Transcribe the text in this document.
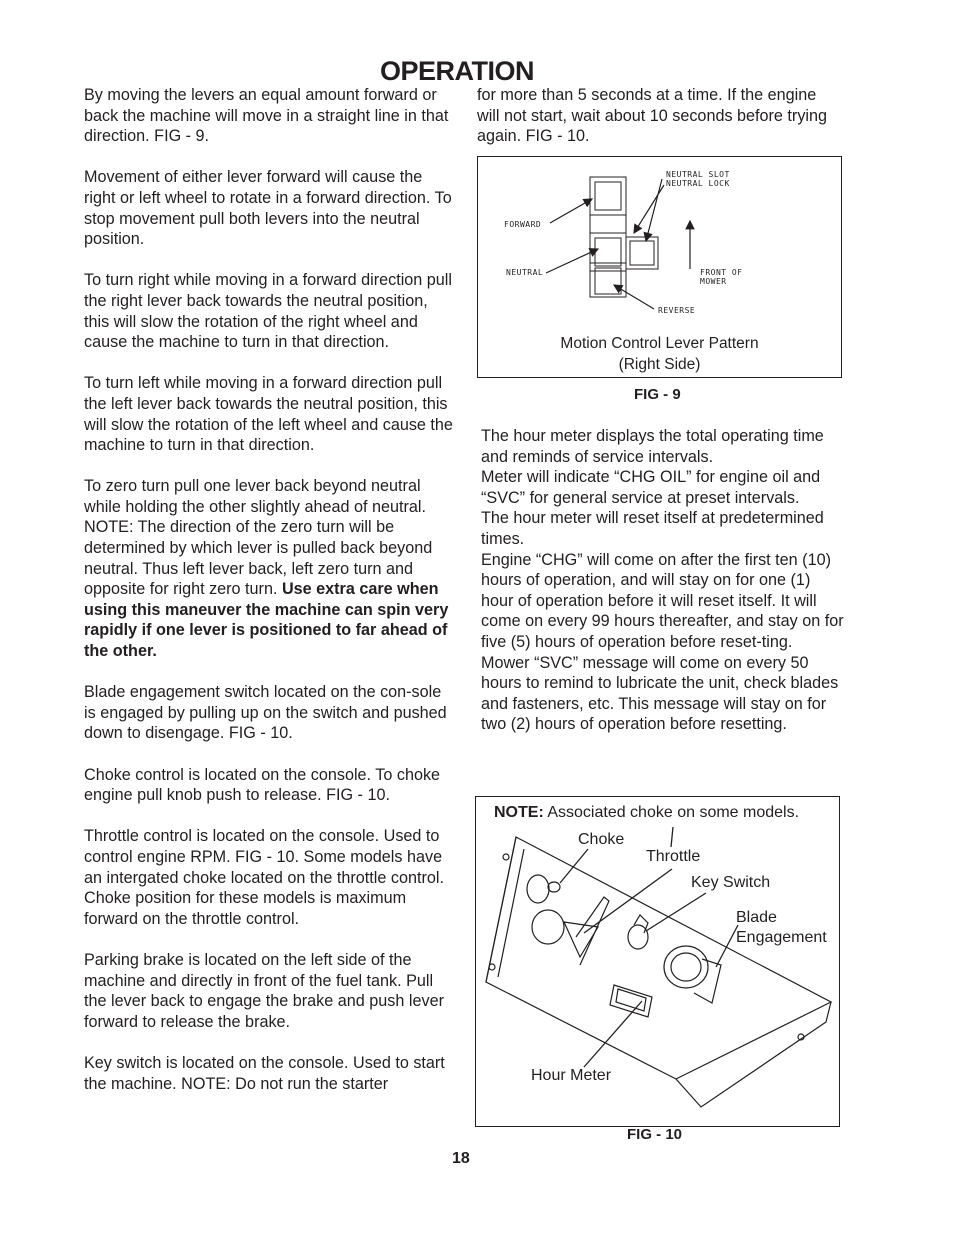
OPERATION

By moving the levers an equal amount forward or back the machine will move in a straight line in that direction. FIG - 9.

Movement of either lever forward will cause the right or left wheel to rotate in a forward direction. To stop movement pull both levers into the neutral position.

To turn right while moving in a forward direction pull the right lever back towards the neutral position, this will slow the rotation of the right wheel and cause the machine to turn in that direction.

To turn left while moving in a forward direction pull the left lever back towards the neutral position, this will slow the rotation of the left wheel and cause the machine to turn in that direction.

To zero turn pull one lever back beyond neutral while holding the other slightly ahead of neutral. NOTE: The direction of the zero turn will be determined by which lever is pulled back beyond neutral. Thus left lever back, left zero turn and opposite for right zero turn. Use extra care when using this maneuver the machine can spin very rapidly if one lever is positioned to far ahead of the other.

Blade engagement switch located on the con-sole is engaged by pulling up on the switch and pushed down to disengage. FIG - 10.

Choke control is located on the console. To choke engine pull knob push to release. FIG - 10.

Throttle control is located on the console. Used to control engine RPM. FIG - 10. Some models have an intergated choke located on the throttle control. Choke position for these models is maximum forward on the throttle control.

Parking brake is located on the left side of the machine and directly in front of the fuel tank. Pull the lever back to engage the brake and push lever forward to release the brake.

Key switch is located on the console. Used to start the machine. NOTE: Do not run the starter

for more than 5 seconds at a time. If the engine will not start, wait about 10 seconds before trying again. FIG - 10.

NEUTRAL SLOT
NEUTRAL LOCK
FORWARD
NEUTRAL	FRONT OF
MOWER
REVERSE
Motion Control Lever Pattern
(Right Side)
FIG - 9

The hour meter displays the total operating time and reminds of service intervals.

Meter will indicate “CHG OIL” for engine oil and “SVC” for general service at preset intervals.

The hour meter will reset itself at predetermined times.

Engine “CHG” will come on after the first ten (10) hours of operation, and will stay on for one (1) hour of operation before it will reset itself. It will come on every 99 hours thereafter, and stay on for five (5) hours of operation before reset-ting.

Mower “SVC” message will come on every 50 hours to remind to lubricate the unit, check blades and fasteners, etc. This message will stay on for two (2) hours of operation before resetting.

NOTE: Associated choke on some models.
Choke
Throttle
Key Switch
Blade
Engagement
Hour Meter
FIG - 10
18
